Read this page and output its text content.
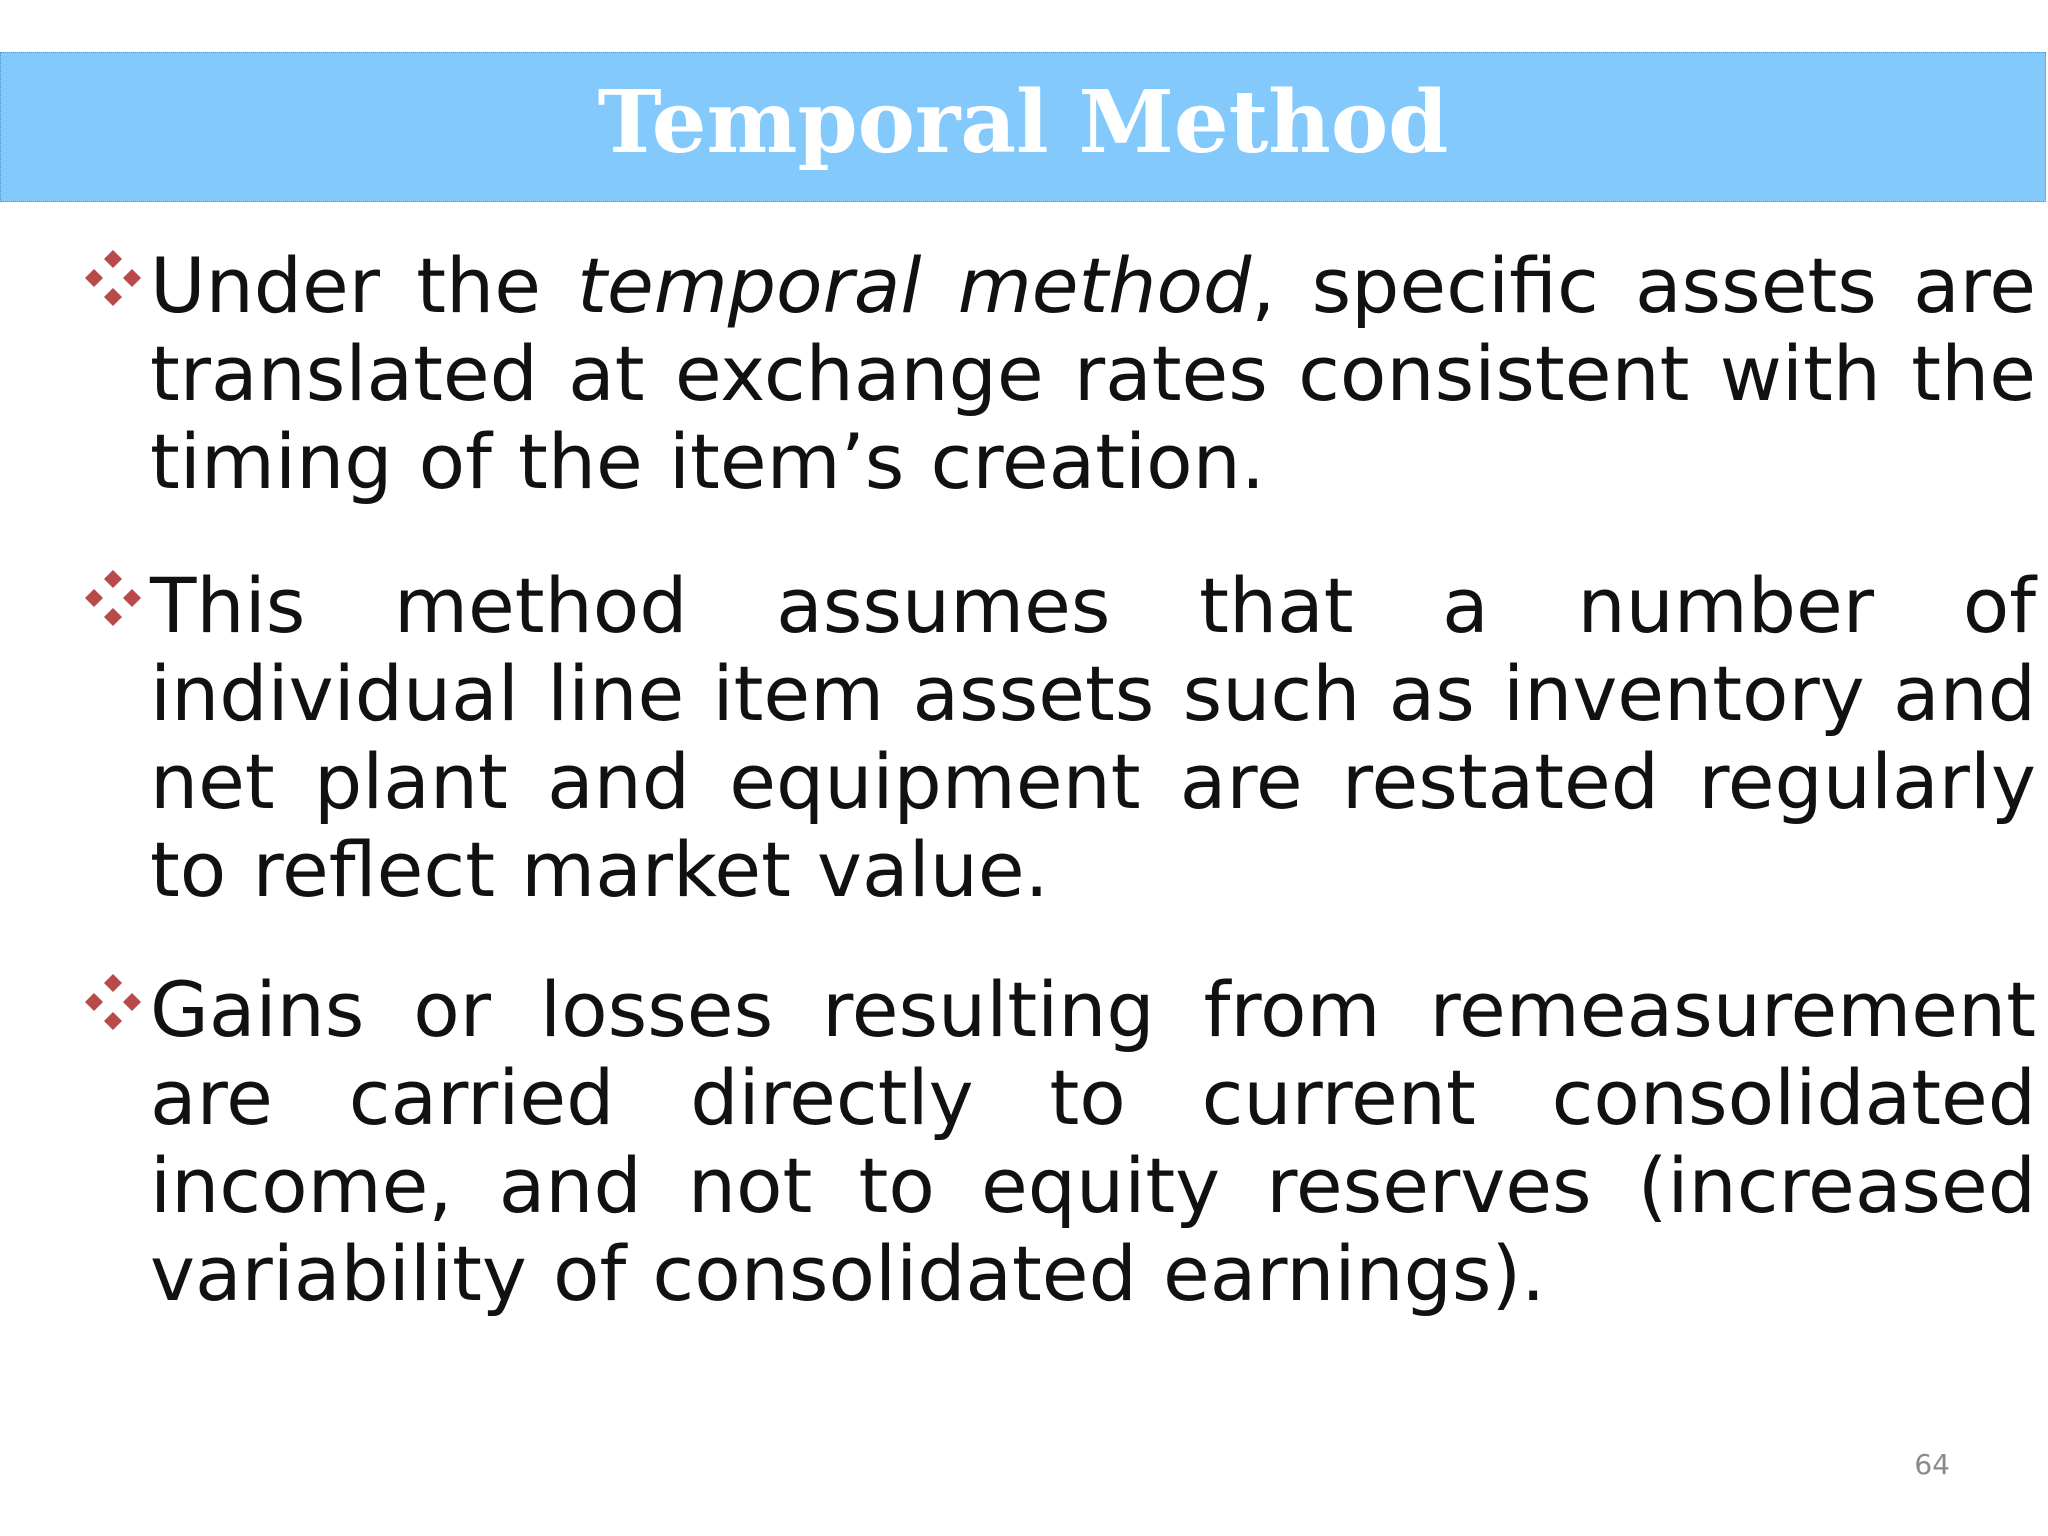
Temporal Method
Under the temporal method, specific assets are translated at exchange rates consistent with the timing of the item’s creation.
This method assumes that a number of individual line item assets such as inventory and net plant and equipment are restated regularly to reflect market value.
Gains or losses resulting from remeasurement are carried directly to current consolidated income, and not to equity reserves (increased variability of consolidated earnings).
64
